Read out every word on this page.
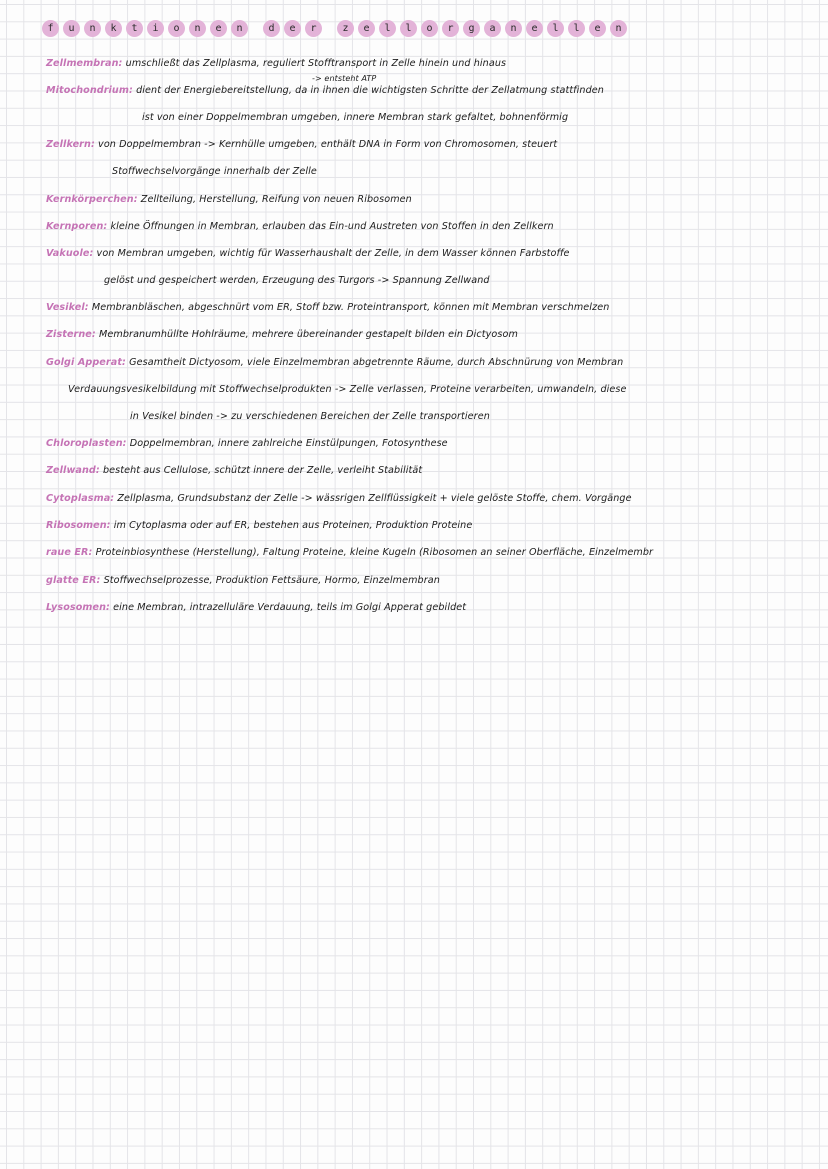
f	u	n	k	t	i	o	n	e	n	d	e	r	z	e	l	l	o	r	g	a	n	e	l	l	e	n
Zellmembran: umschließt das Zellplasma, reguliert Stofftransport in Zelle hinein und hinaus
-> entsteht ATP
Mitochondrium: dient der Energiebereitstellung, da in ihnen die wichtigsten Schritte der Zellatmung stattfinden
ist von einer Doppelmembran umgeben, innere Membran stark gefaltet, bohnenförmig
Zellkern: von Doppelmembran -> Kernhülle umgeben, enthält DNA in Form von Chromosomen, steuert
Stoffwechselvorgänge innerhalb der Zelle
Kernkörperchen: Zellteilung, Herstellung, Reifung von neuen Ribosomen
Kernporen: kleine Öffnungen in Membran, erlauben das Ein-und Austreten von Stoffen in den Zellkern
Vakuole: von Membran umgeben, wichtig für Wasserhaushalt der Zelle, in dem Wasser können Farbstoffe
gelöst und gespeichert werden, Erzeugung des Turgors -> Spannung Zellwand
Vesikel: Membranbläschen, abgeschnürt vom ER, Stoff bzw. Proteintransport, können mit Membran verschmelzen
Zisterne: Membranumhüllte Hohlräume, mehrere übereinander gestapelt bilden ein Dictyosom
Golgi Apperat: Gesamtheit Dictyosom, viele Einzelmembran abgetrennte Räume, durch Abschnürung von Membran
Verdauungsvesikelbildung mit Stoffwechselprodukten -> Zelle verlassen, Proteine verarbeiten, umwandeln, diese
in Vesikel binden -> zu verschiedenen Bereichen der Zelle transportieren
Chloroplasten: Doppelmembran, innere zahlreiche Einstülpungen, Fotosynthese
Zellwand: besteht aus Cellulose, schützt innere der Zelle, verleiht Stabilität
Cytoplasma: Zellplasma, Grundsubstanz der Zelle -> wässrigen Zellflüssigkeit + viele gelöste Stoffe, chem. Vorgänge
Ribosomen: im Cytoplasma oder auf ER, bestehen aus Proteinen, Produktion Proteine
raue ER: Proteinbiosynthese (Herstellung), Faltung Proteine, kleine Kugeln (Ribosomen an seiner Oberfläche, Einzelmembr
glatte ER: Stoffwechselprozesse, Produktion Fettsäure, Hormo, Einzelmembran
Lysosomen: eine Membran, intrazelluläre Verdauung, teils im Golgi Apperat gebildet
